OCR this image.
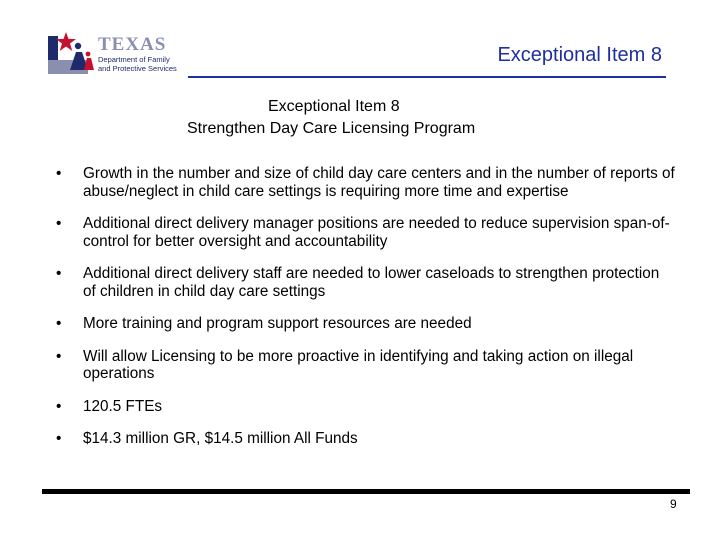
TEXAS
Department of Family
and Protective Services
Exceptional Item 8
Exceptional Item 8
Strengthen Day Care Licensing Program
• Growth in the number and size of child day care centers and in the number of reports of abuse/neglect in child care settings is requiring more time and expertise
• Additional direct delivery manager positions are needed to reduce supervision span-of-control for better oversight and accountability
• Additional direct delivery staff are needed to lower caseloads to strengthen protection of children in child day care settings
• More training and program support resources are needed
• Will allow Licensing to be more proactive in identifying and taking action on illegal operations
• 120.5 FTEs
• $14.3 million GR, $14.5 million All Funds
9
